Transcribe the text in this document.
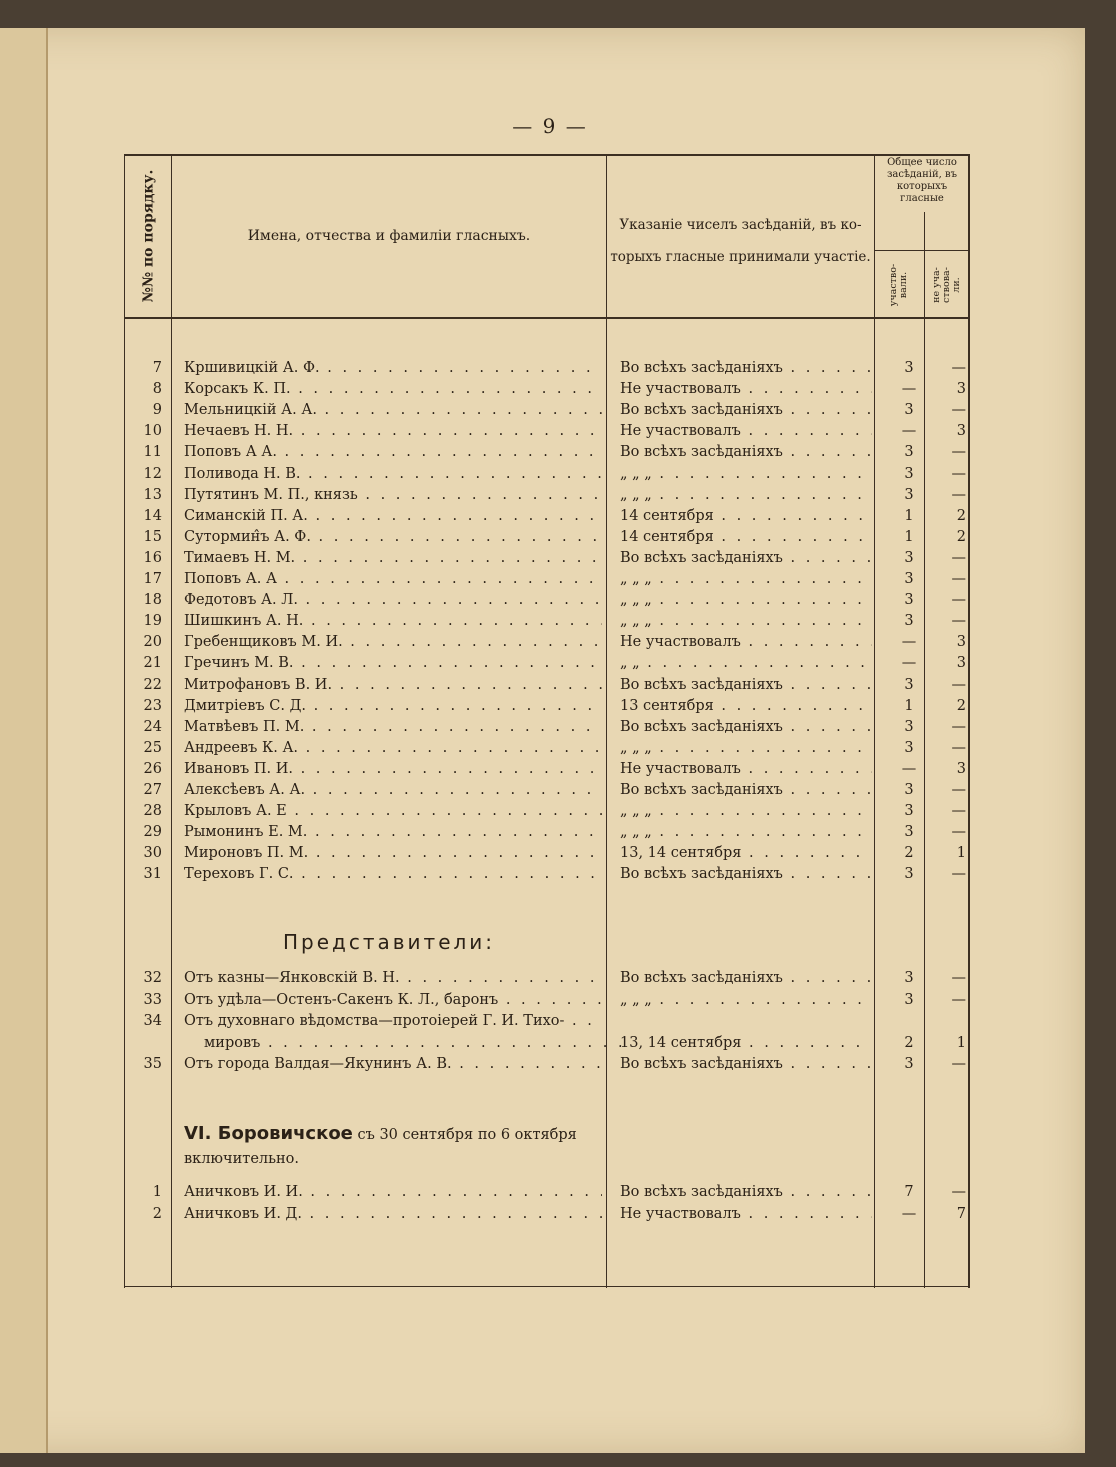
— 9 —
№№ по порядку.	Имена, отчества и фамиліи гласныхъ.
Указаніе чиселъ засѣданій, въ ко-
торыхъ гласные принимали участіе.
Общее число засѣданій, въ которыхъ гласные
участво-
вали. не уча-
ствова-
ли.
7 Кршивицкій А. Ф. . . .	Во всѣхъ засѣданіяхъ . . .	3	—
8 Корсакъ К. П. . . .	Не участвовалъ . . .	—	3
9 Мельницкій А. А. . . .	Во всѣхъ засѣданіяхъ . . .	3	—
10 Нечаевъ Н. Н. . . .	Не участвовалъ . . .	—	3
11 Поповъ А А. . . .	Во всѣхъ засѣданіяхъ . . .	3	—
12 Поливода Н. В. . . .	„ „ „ . . .	3	—
13 Путятинъ М. П., князь . . .	„ „ „ . . .	3	—
14 Симанскій П. А. . . .	14 сентября . . .	1	2
15 Сутормин̂ъ А. Ф. . . .	14 сентября . . .	1	2
16 Тимаевъ Н. М. . . .	Во всѣхъ засѣданіяхъ . . .	3	—
17 Поповъ А. А . . .	„ „ „ . . .	3	—
18 Федотовъ А. Л. . . .	„ „ „ . . .	3	—
19 Шишкинъ А. Н. . . .	„ „ „ . . .	3	—
20 Гребенщиковъ М. И. . . .	Не участвовалъ . . .	—	3
21 Гречинъ М. В. . . .	„ „ . . .	—	3
22 Митрофановъ В. И. . . .	Во всѣхъ засѣданіяхъ . . .	3	—
23 Дмитріевъ С. Д. . . .	13 сентября . . .	1	2
24 Матвѣевъ П. М. . . .	Во всѣхъ засѣданіяхъ . . .	3	—
25 Андреевъ К. А. . . .	„ „ „ . . .	3	—
26 Ивановъ П. И. . . .	Не участвовалъ . . .	—	3
27 Алексѣевъ А. А. . . .	Во всѣхъ засѣданіяхъ . . .	3	—
28 Крыловъ А. Е . . .	„ „ „ . . .	3	—
29 Рымонинъ Е. М. . . .	„ „ „ . . .	3	—
30 Мироновъ П. М. . . .	13, 14 сентября . . .	2	1
31 Тереховъ Г. С. . . .	Во всѣхъ засѣданіяхъ . . .	3	—
32 Отъ казны—Янковскій В. Н. . . .	Во всѣхъ засѣданіяхъ . . .	3	—
33 Отъ удѣла—Остенъ-Сакенъ К. Л., баронъ . . .	„ „ „ . . .	3	—
34 Отъ духовнаго вѣдомства—протоіерей Г. И. Тихо- . . .
мировъ . . .	13, 14 сентября . . .	2	1
35 Отъ города Валдая—Якунинъ А. В. . . .	Во всѣхъ засѣданіяхъ . . .	3	—
1 Аничковъ И. И. . . .	Во всѣхъ засѣданіяхъ . . .	7	—
2 Аничковъ И. Д. . . .	Не участвовалъ . . .	—	7
Представители:
VI. Боровичское съ 30 сентября по 6 октября включительно.
